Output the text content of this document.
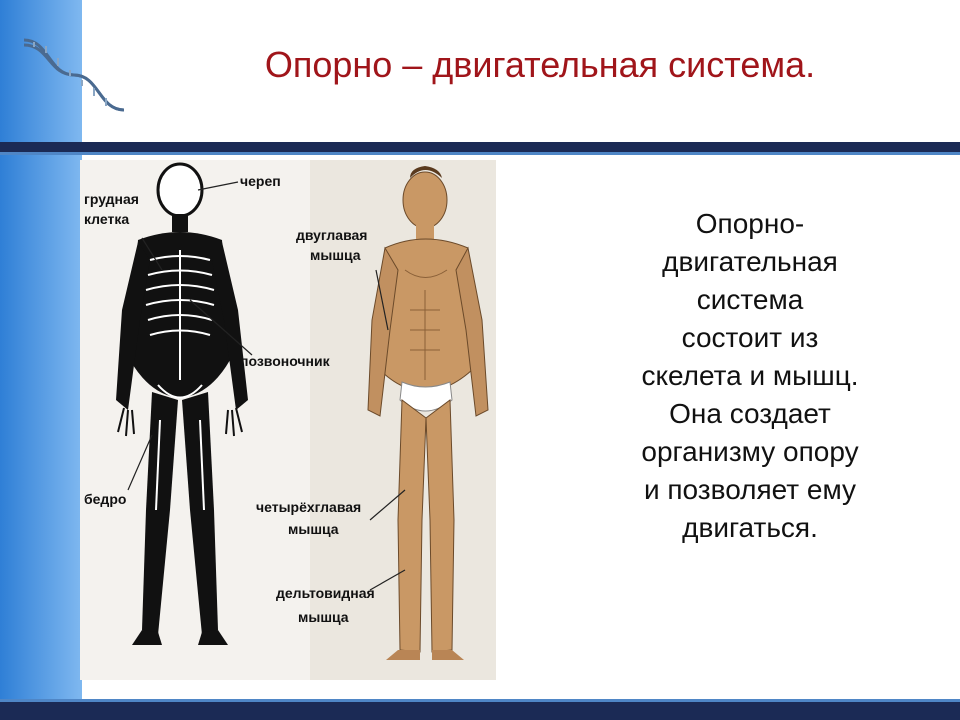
Опорно – двигательная система.
череп
грудная
клетка
двуглавая
мышца
позвоночник
бедро	четырёхглавая
мышца
дельтовидная
мышца
Опорно-
двигательная
система
состоит из
скелета и мышц.
Она создает
организму опору
и позволяет ему
двигаться.
